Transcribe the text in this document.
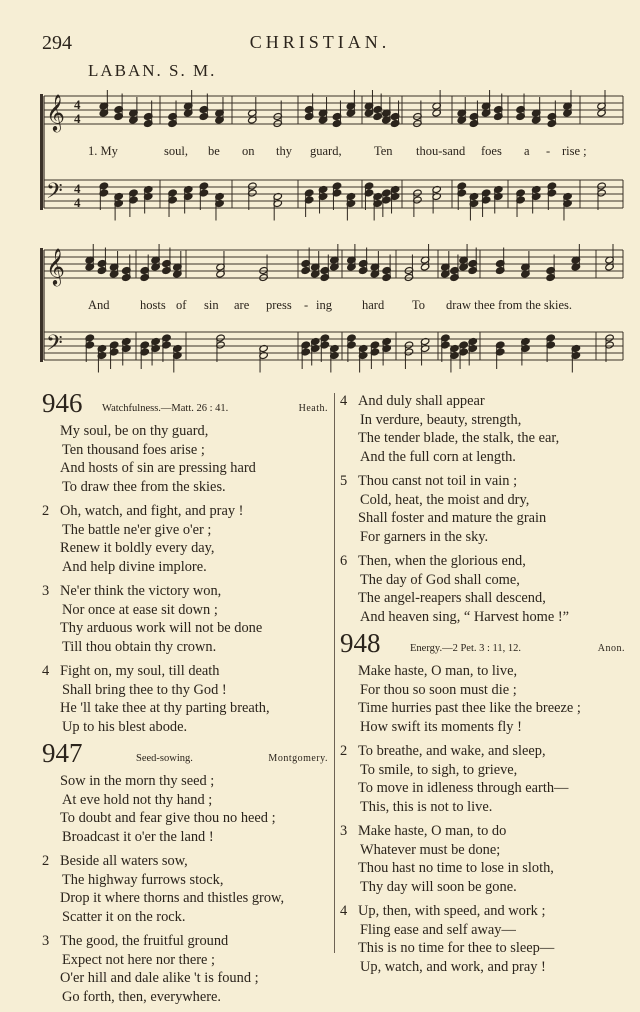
294	CHRISTIAN.
LABAN. S. M.
𝄞
𝄢
4
4
4
4
1. My	soul, be on thy guard,	Ten thou-sand foes a - rise ;
𝄞
𝄢
And hosts of sin are press - ing hard To draw thee from the skies.
946 Watchfulness.—Matt. 26 : 41.	Heath.
My soul, be on thy guard,
Ten thousand foes arise ;
And hosts of sin are pressing hard
To draw thee from the skies.
2 Oh, watch, and fight, and pray !
The battle ne'er give o'er ;
Renew it boldly every day,
And help divine implore.
3 Ne'er think the victory won,
Nor once at ease sit down ;
Thy arduous work will not be done
Till thou obtain thy crown.
4 Fight on, my soul, till death
Shall bring thee to thy God !
He 'll take thee at thy parting breath,
Up to his blest abode.
947	Seed-sowing.	Montgomery.
Sow in the morn thy seed ;
At eve hold not thy hand ;
To doubt and fear give thou no heed ;
Broadcast it o'er the land !
2 Beside all waters sow,
The highway furrows stock,
Drop it where thorns and thistles grow,
Scatter it on the rock.
3 The good, the fruitful ground
Expect not here nor there ;
O'er hill and dale alike 't is found ;
Go forth, then, everywhere.
4 And duly shall appear
In verdure, beauty, strength,
The tender blade, the stalk, the ear,
And the full corn at length.
5 Thou canst not toil in vain ;
Cold, heat, the moist and dry,
Shall foster and mature the grain
For garners in the sky.
6 Then, when the glorious end,
The day of God shall come,
The angel-reapers shall descend,
And heaven sing, “ Harvest home !”
948	Energy.—2 Pet. 3 : 11, 12.	Anon.
Make haste, O man, to live,
For thou so soon must die ;
Time hurries past thee like the breeze ;
How swift its moments fly !
2 To breathe, and wake, and sleep,
To smile, to sigh, to grieve,
To move in idleness through earth—
This, this is not to live.
3 Make haste, O man, to do
Whatever must be done;
Thou hast no time to lose in sloth,
Thy day will soon be gone.
4 Up, then, with speed, and work ;
Fling ease and self away—
This is no time for thee to sleep—
Up, watch, and work, and pray !
